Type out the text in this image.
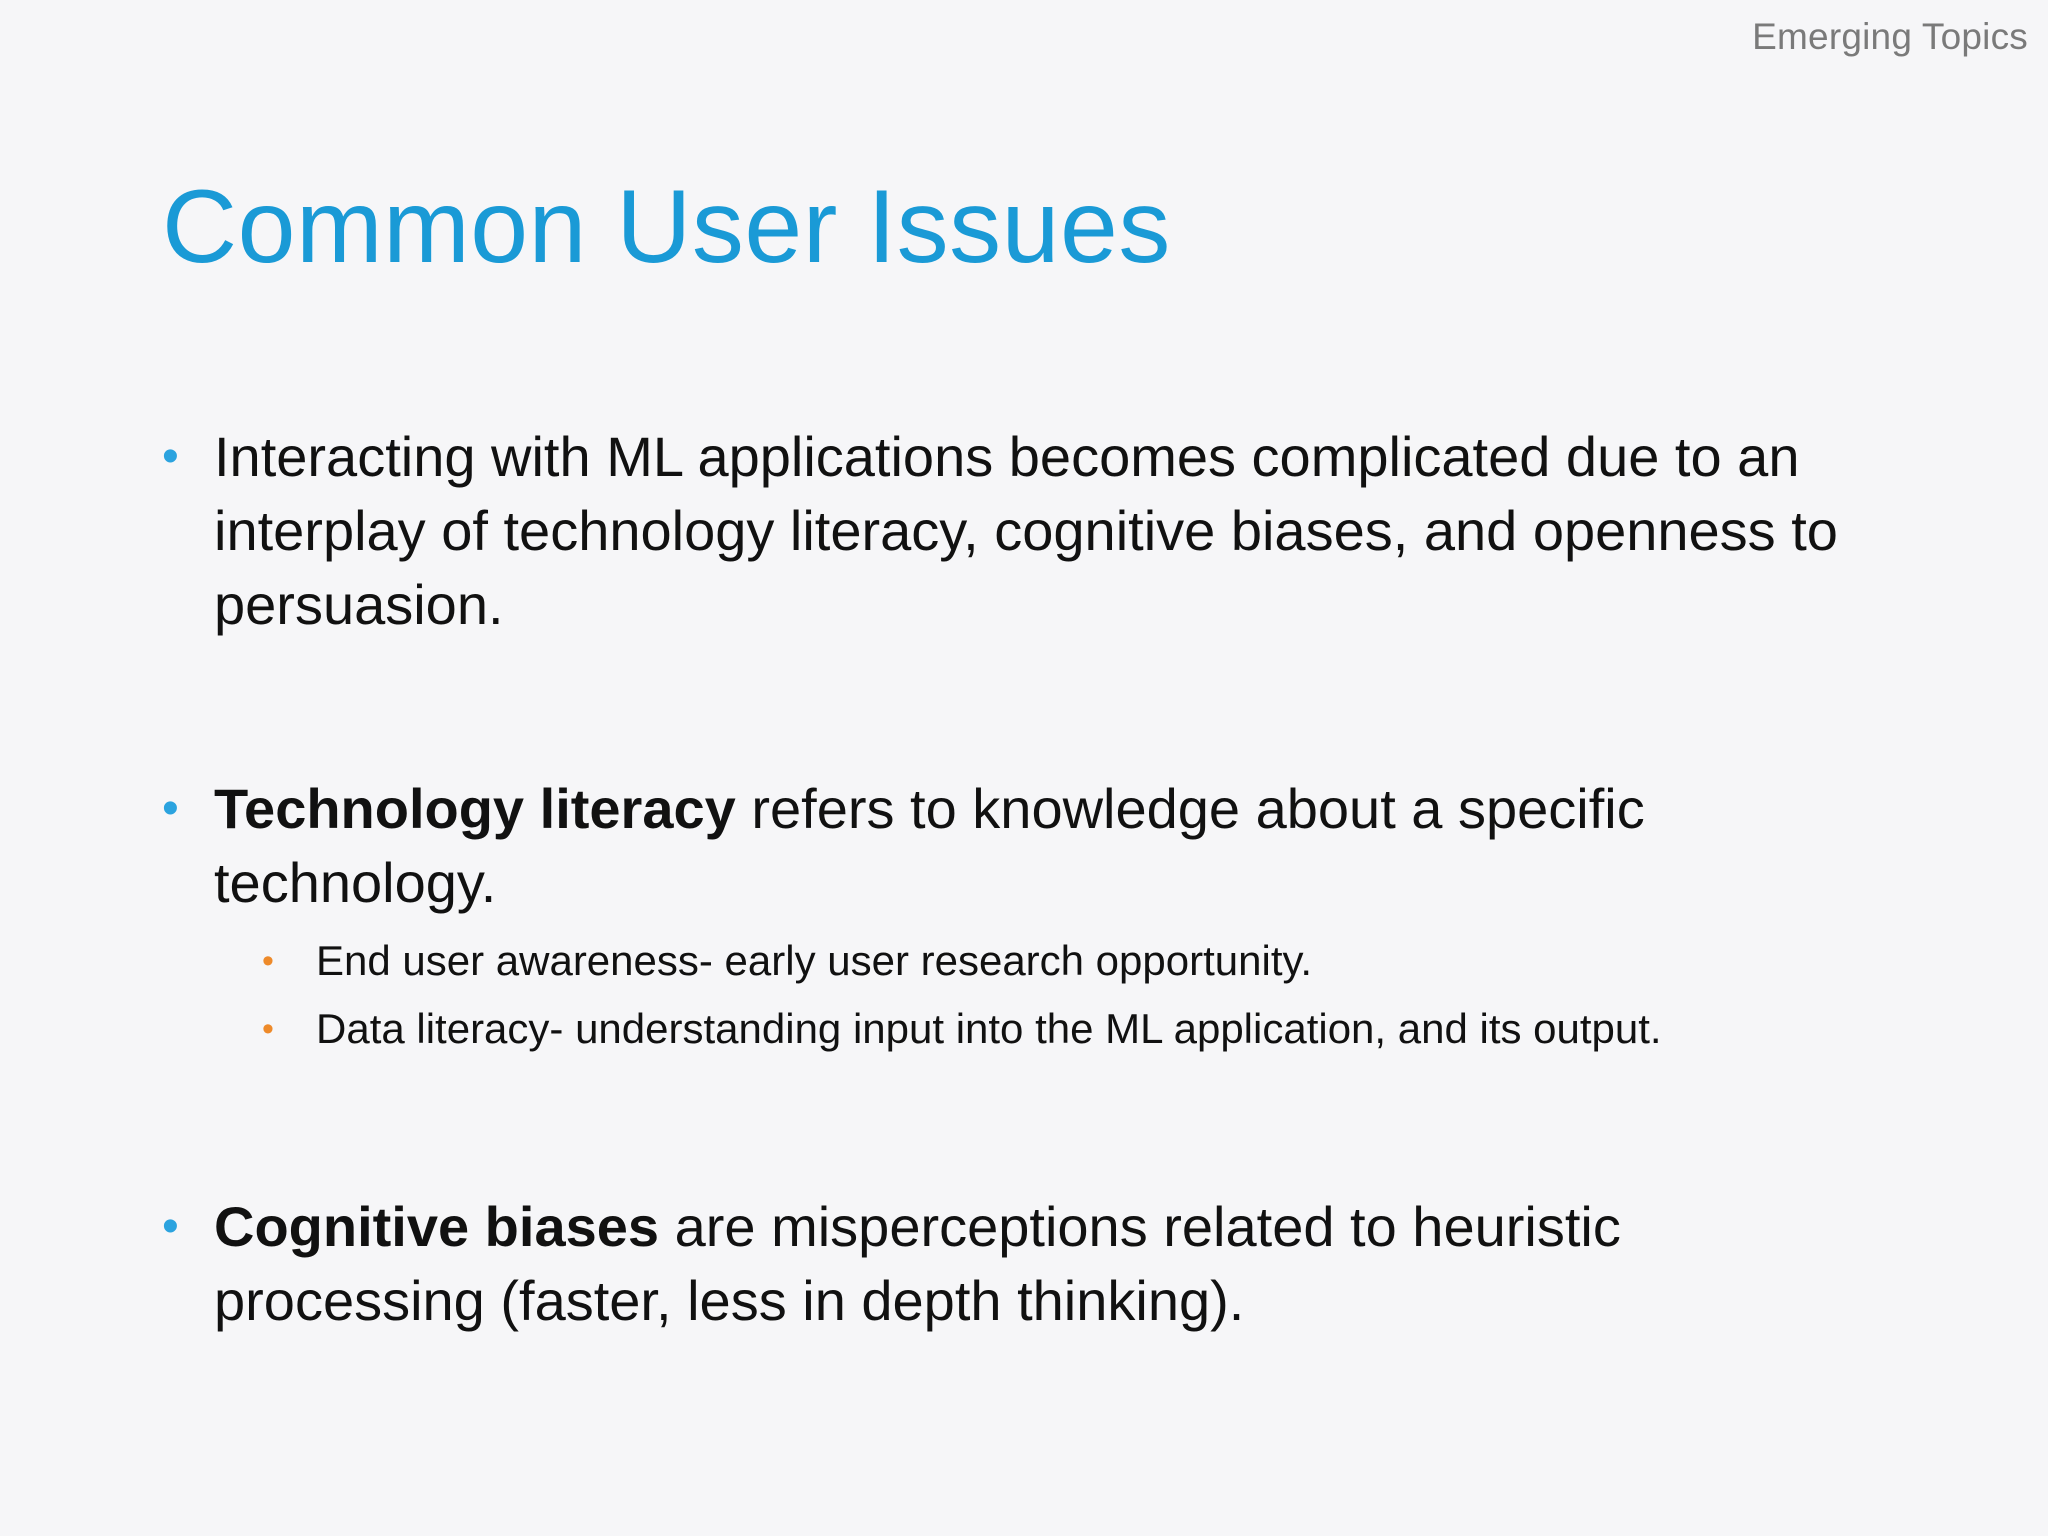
Emerging Topics
Common User Issues
• Interacting with ML applications becomes complicated due to an interplay of technology literacy, cognitive biases, and openness to persuasion.
• Technology literacy refers to knowledge about a specific technology.
• End user awareness- early user research opportunity.
• Data literacy- understanding input into the ML application, and its output.
• Cognitive biases are misperceptions related to heuristic processing (faster, less in depth thinking).
